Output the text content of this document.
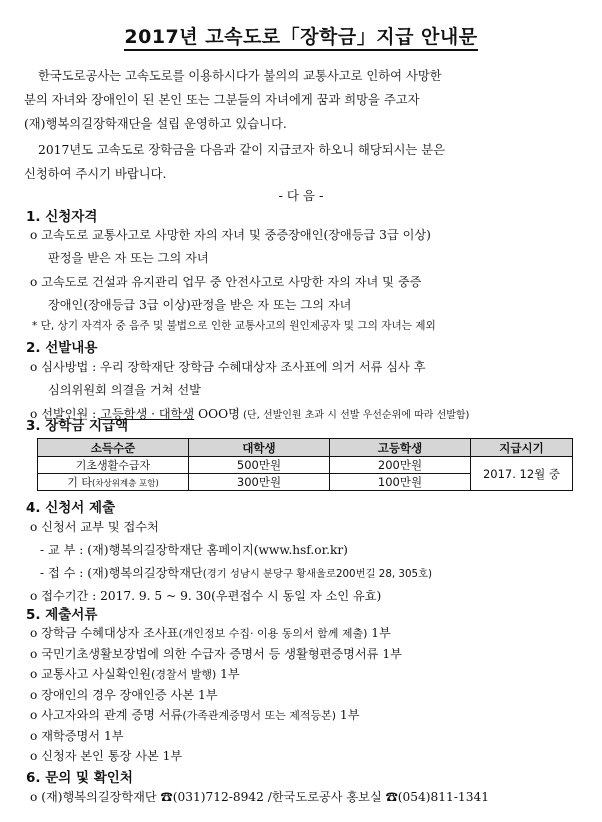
2017년 고속도로「장학금」지급 안내문
한국도로공사는 고속도로를 이용하시다가 불의의 교통사고로 인하여 사망한
분의 자녀와 장애인이 된 본인 또는 그분들의 자녀에게 꿈과 희망을 주고자
(재)행복의길장학재단을 설립 운영하고 있습니다.
2017년도 고속도로 장학금을 다음과 같이 지급코자 하오니 해당되시는 분은
신청하여 주시기 바랍니다.
- 다 음 -
1. 신청자격
ο 고속도로 교통사고로 사망한 자의 자녀 및 중증장애인(장애등급 3급 이상)
판정을 받은 자 또는 그의 자녀
ο 고속도로 건설과 유지관리 업무 중 안전사고로 사망한 자의 자녀 및 중증
장애인(장애등급 3급 이상)판정을 받은 자 또는 그의 자녀
* 단, 상기 자격자 중 음주 및 불법으로 인한 교통사고의 원인제공자 및 그의 자녀는 제외
2. 선발내용
ο 심사방법 : 우리 장학재단 장학금 수혜대상자 조사표에 의거 서류 심사 후
심의위원회 의결을 거쳐 선발
ο 선발인원 : 고등학생 · 대학생 OOO명 (단, 선발인원 초과 시 선발 우선순위에 따라 선발함)
3. 장학금 지급액
소득수준	대학생	고등학생	지급시기
기초생활수급자	500만원	200만원	2017. 12월 중
기 타(차상위계층 포함)	300만원	100만원	
4. 신청서 제출
ο 신청서 교부 및 접수처
- 교 부 : (재)행복의길장학재단 홈페이지(www.hsf.or.kr)
- 접 수 : (재)행복의길장학재단(경기 성남시 분당구 황새울로200번길 28, 305호)
ο 접수기간 : 2017. 9. 5 ~ 9. 30(우편접수 시 동일 자 소인 유효)
5. 제출서류
ο 장학금 수혜대상자 조사표(개인정보 수집· 이용 동의서 함께 제출) 1부
ο 국민기초생활보장법에 의한 수급자 증명서 등 생활형편증명서류 1부
ο 교통사고 사실확인원(경찰서 발행) 1부
ο 장애인의 경우 장애인증 사본 1부
ο 사고자와의 관계 증명 서류(가족관계증명서 또는 제적등본) 1부
ο 재학증명서 1부
ο 신청자 본인 통장 사본 1부
6. 문의 및 확인처
ο (재)행복의길장학재단 ☎(031)712-8942 /한국도로공사 홍보실 ☎(054)811-1341
